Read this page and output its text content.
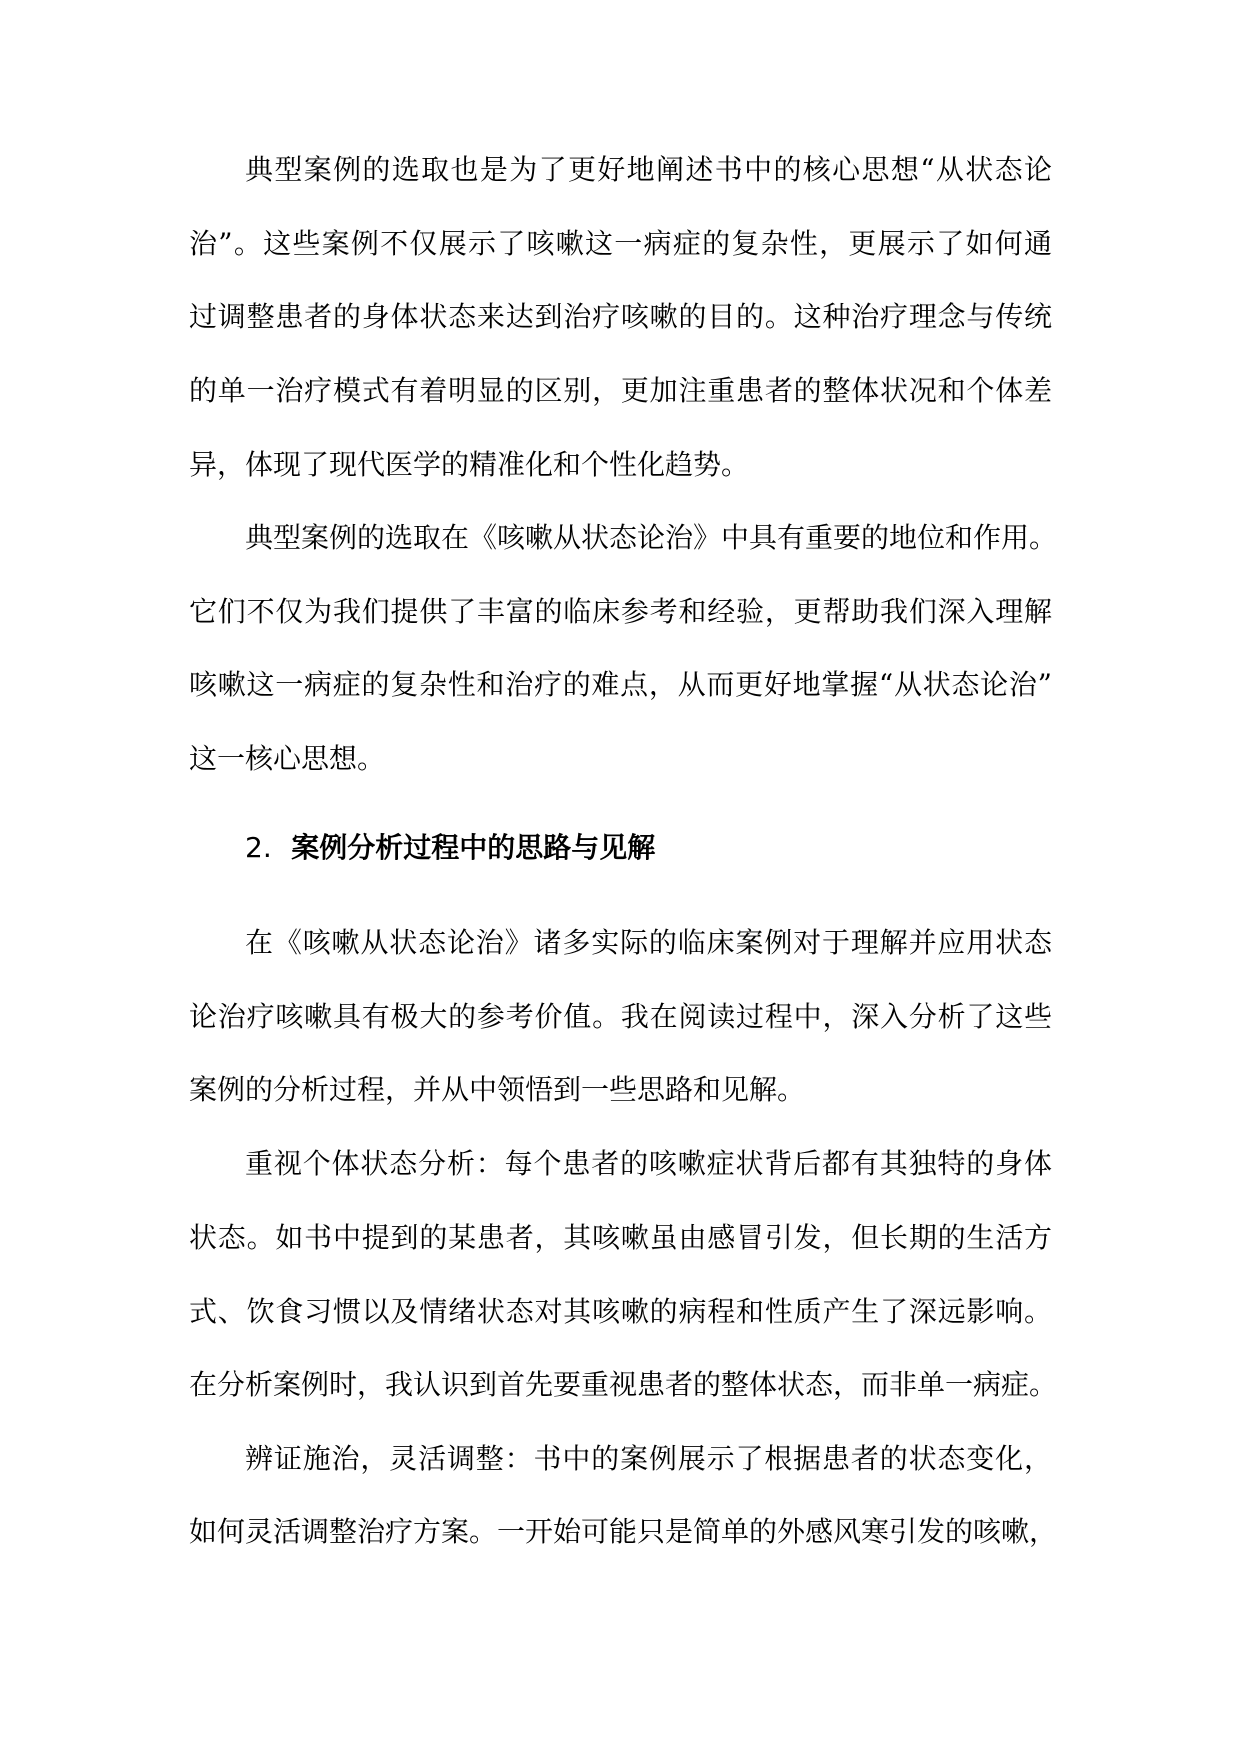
典型案例的选取也是为了更好地阐述书中的核心思想“从状态论

治”。这些案例不仅展示了咳嗽这一病症的复杂性，更展示了如何通

过调整患者的身体状态来达到治疗咳嗽的目的。这种治疗理念与传统

的单一治疗模式有着明显的区别，更加注重患者的整体状况和个体差

异，体现了现代医学的精准化和个性化趋势。

典型案例的选取在《咳嗽从状态论治》中具有重要的地位和作用。

它们不仅为我们提供了丰富的临床参考和经验，更帮助我们深入理解

咳嗽这一病症的复杂性和治疗的难点，从而更好地掌握“从状态论治”

这一核心思想。

2. 案例分析过程中的思路与见解

在《咳嗽从状态论治》诸多实际的临床案例对于理解并应用状态

论治疗咳嗽具有极大的参考价值。我在阅读过程中，深入分析了这些

案例的分析过程，并从中领悟到一些思路和见解。

重视个体状态分析：每个患者的咳嗽症状背后都有其独特的身体

状态。如书中提到的某患者，其咳嗽虽由感冒引发，但长期的生活方

式、饮食习惯以及情绪状态对其咳嗽的病程和性质产生了深远影响。

在分析案例时，我认识到首先要重视患者的整体状态，而非单一病症。

辨证施治，灵活调整：书中的案例展示了根据患者的状态变化，

如何灵活调整治疗方案。一开始可能只是简单的外感风寒引发的咳嗽，
